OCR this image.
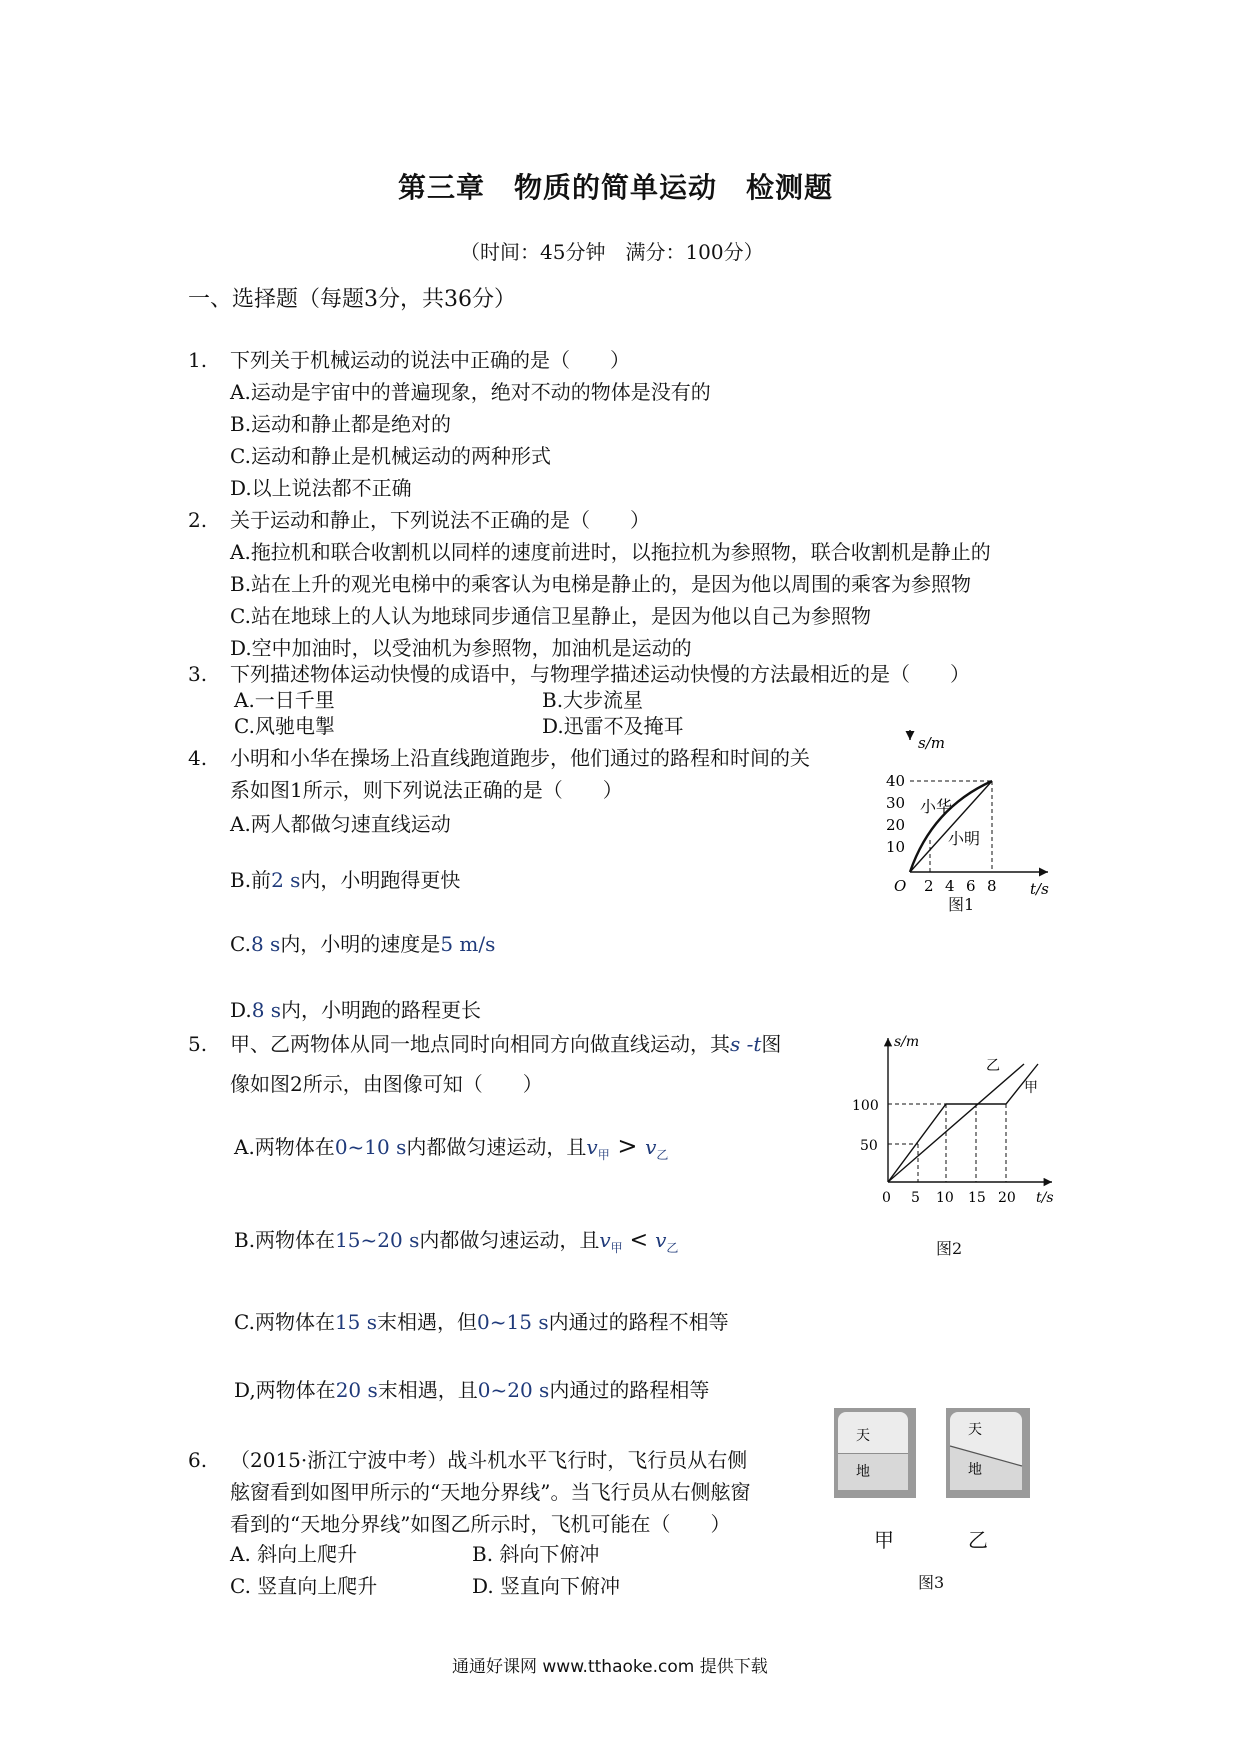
第三章　物质的简单运动　检测题
（时间：45分钟　满分：100分）
一、选择题（每题3分，共36分）
1. 下列关于机械运动的说法中正确的是（　　）
A.运动是宇宙中的普遍现象，绝对不动的物体是没有的
B.运动和静止都是绝对的
C.运动和静止是机械运动的两种形式
D.以上说法都不正确
2. 关于运动和静止，下列说法不正确的是（　　）
A.拖拉机和联合收割机以同样的速度前进时，以拖拉机为参照物，联合收割机是静止的
B.站在上升的观光电梯中的乘客认为电梯是静止的，是因为他以周围的乘客为参照物
C.站在地球上的人认为地球同步通信卫星静止，是因为他以自己为参照物
D.空中加油时，以受油机为参照物，加油机是运动的
3. 下列描述物体运动快慢的成语中，与物理学描述运动快慢的方法最相近的是（　　）
A.一日千里	B.大步流星
C.风驰电掣	D.迅雷不及掩耳
4. 小明和小华在操场上沿直线跑道跑步，他们通过的路程和时间的关
系如图1所示，则下列说法正确的是（　　）
A.两人都做匀速直线运动
B.前2 s内，小明跑得更快
C.8 s内，小明的速度是5 m/s
D.8 s内，小明跑的路程更长
s/m
t/s
O
10
20
30
40
2 4 6 8
小华
小明
图1
5. 甲、乙两物体从同一地点同时向相同方向做直线运动，其s -t图
像如图2所示，由图像可知（　　）
A.两物体在0~10 s内都做匀速运动，且$v_甲 > v_乙$
B.两物体在15~20 s内都做匀速运动，且$v_甲 < v_乙$
C.两物体在15 s末相遇，但0~15 s内通过的路程不相等
D,两物体在20 s末相遇，且0~20 s内通过的路程相等
s/m
t/s
50
100
0 5 10 15 20
乙
甲
图2
6. （2015·浙江宁波中考）战斗机水平飞行时，飞行员从右侧
舷窗看到如图甲所示的“天地分界线”。当飞行员从右侧舷窗
看到的“天地分界线”如图乙所示时，飞机可能在（　　）
A. 斜向上爬升	B. 斜向下俯冲
C. 竖直向上爬升	D. 竖直向下俯冲
天
地
天
地
甲	乙
图3
通通好课网 www.tthaoke.com 提供下载
